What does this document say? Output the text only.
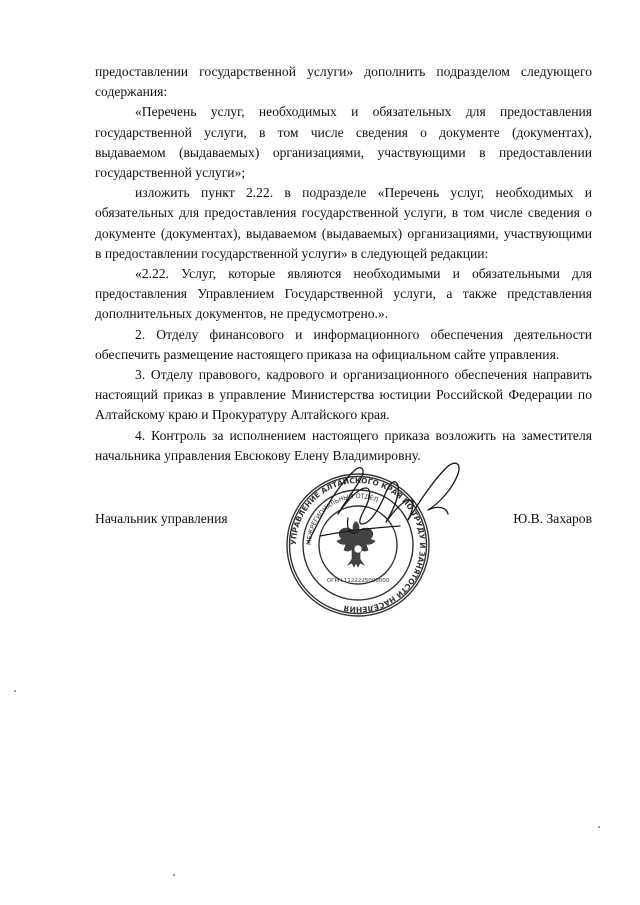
предоставлении государственной услуги» дополнить подразделом следующего содержания:

«Перечень услуг, необходимых и обязательных для предоставления государственной услуги, в том числе сведения о документе (документах), выдаваемом (выдаваемых) организациями, участвующими в предоставлении государственной услуги»;

изложить пункт 2.22. в подразделе «Перечень услуг, необходимых и обязательных для предоставления государственной услуги, в том числе сведения о документе (документах), выдаваемом (выдаваемых) организациями, участвующими в предоставлении государственной услуги» в следующей редакции:

«2.22. Услуг, которые являются необходимыми и обязательными для предоставления Управлением Государственной услуги, а также представления дополнительных документов, не предусмотрено.».

2. Отделу финансового и информационного обеспечения деятельности обеспечить размещение настоящего приказа на официальном сайте управления.

3. Отделу правового, кадрового и организационного обеспечения направить настоящий приказ в управление Министерства юстиции Российской Федерации по Алтайскому краю и Прокуратуру Алтайского края.

4. Контроль за исполнением настоящего приказа возложить на заместителя начальника управления Евсюкову Елену Владимировну.

УПРАВЛЕНИЕ АЛТАЙСКОГО КРАЯ ПО ТРУДУ И ЗАНЯТОСТИ НАСЕЛЕНИЯ
МЕЖРЕГИОНАЛЬНЫЙ ОТДЕЛ
ОГРН 1122225000000
Начальник управления	Ю.В. Захаров
